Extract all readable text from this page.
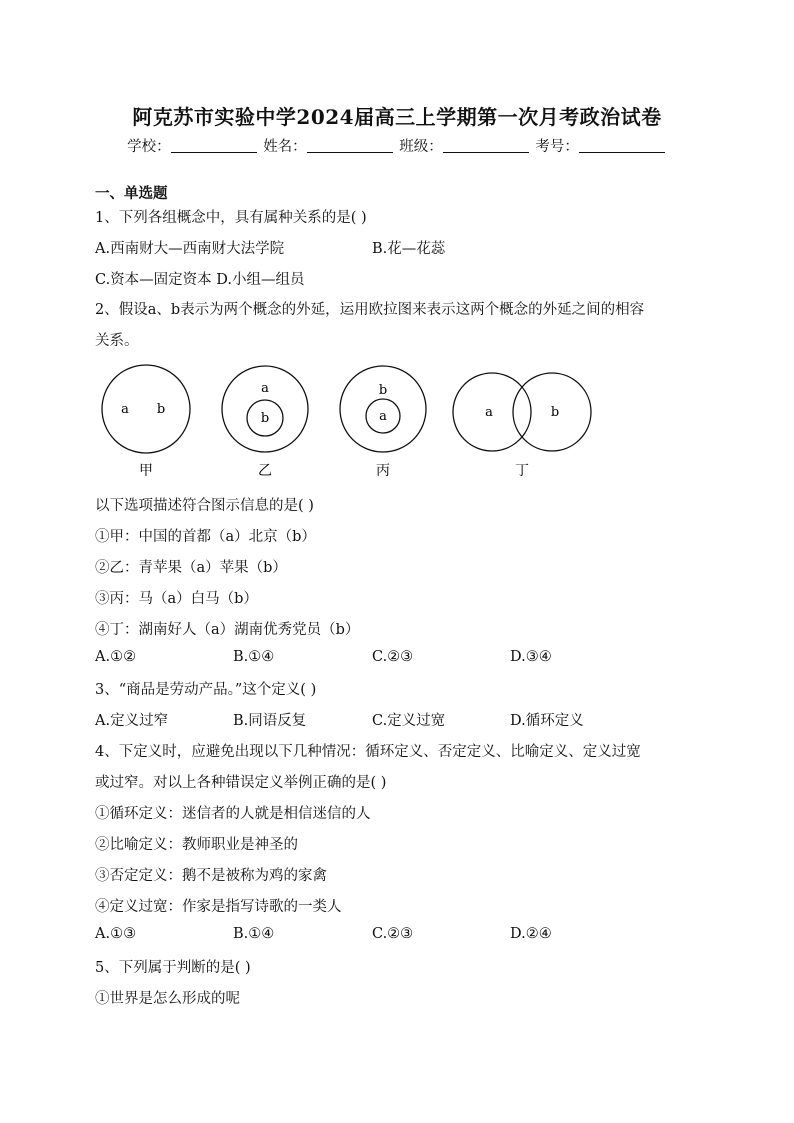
阿克苏市实验中学2024届高三上学期第一次月考政治试卷
学校：	姓名：	班级：	考号：
一、单选题
1、下列各组概念中，具有属种关系的是( )
A.西南财大—西南财大法学院	B.花—花蕊
C.资本—固定资本 D.小组—组员
2、假设a、b表示为两个概念的外延，运用欧拉图来表示这两个概念的外延之间的相容
关系。
a b
甲
a
b
乙
b
a
丙
a	b
丁
以下选项描述符合图示信息的是( )
①甲：中国的首都（a）北京（b）
②乙：青苹果（a）苹果（b）
③丙：马（a）白马（b）
④丁：湖南好人（a）湖南优秀党员（b）
A.①②	B.①④	C.②③	D.③④
3、“商品是劳动产品。”这个定义( )
A.定义过窄	B.同语反复	C.定义过宽	D.循环定义
4、下定义时，应避免出现以下几种情况：循环定义、否定定义、比喻定义、定义过宽
或过窄。对以上各种错误定义举例正确的是( )
①循环定义：迷信者的人就是相信迷信的人
②比喻定义：教师职业是神圣的
③否定定义：鹅不是被称为鸡的家禽
④定义过宽：作家是指写诗歌的一类人
A.①③	B.①④	C.②③	D.②④
5、下列属于判断的是( )
①世界是怎么形成的呢
